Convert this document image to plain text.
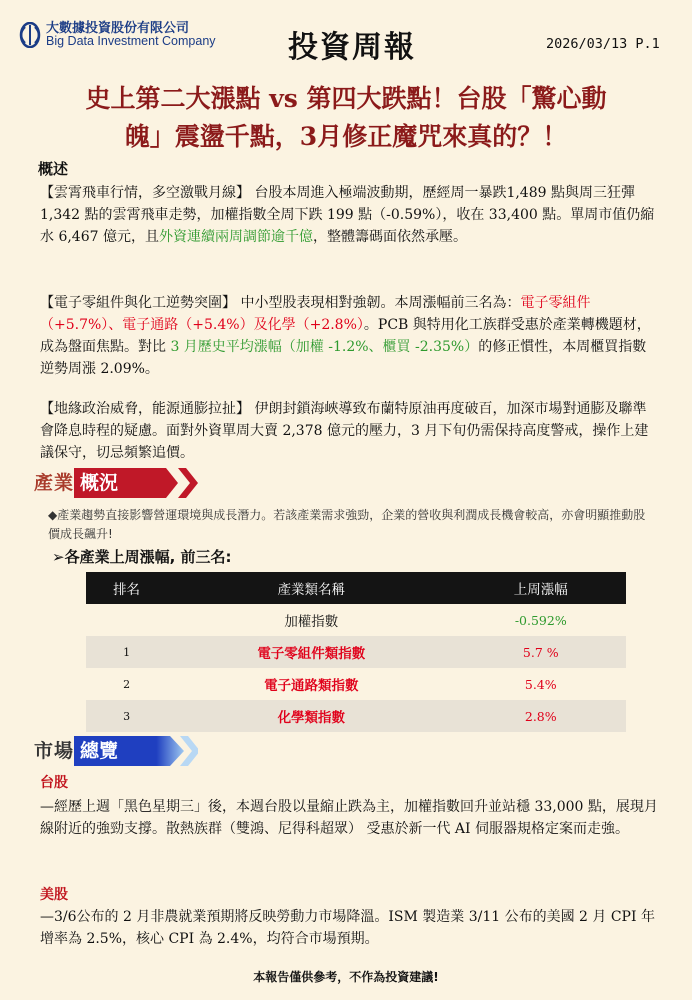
大數據投資股份有限公司
Big Data Investment Company 投資周報	2026/03/13 P.1
史上第二大漲點 vs 第四大跌點！台股「驚心動
魄」震盪千點，3月修正魔咒來真的？！
概述

【雲霄飛車行情，多空激戰月線】 台股本周進入極端波動期，歷經周一暴跌1,489 點與周三狂彈 1,342 點的雲霄飛車走勢，加權指數全周下跌 199 點（-0.59%），收在 33,400 點。單周市值仍縮水 6,467 億元，且外資連續兩周調節逾千億，整體籌碼面依然承壓。

【電子零組件與化工逆勢突圍】 中小型股表現相對強韌。本周漲幅前三名為：電子零組件（+5.7%）、電子通路（+5.4%）及化學（+2.8%）。PCB 與特用化工族群受惠於產業轉機題材，成為盤面焦點。對比 3 月歷史平均漲幅（加權 -1.2%、櫃買 -2.35%）的修正慣性，本周櫃買指數逆勢周漲 2.09%。

【地緣政治威脅，能源通膨拉扯】 伊朗封鎖海峽導致布蘭特原油再度破百，加深市場對通膨及聯準會降息時程的疑慮。面對外資單周大賣 2,378 億元的壓力，3 月下旬仍需保持高度警戒，操作上建議保守，切忌頻繁追價。

產業 概況
◆產業趨勢直接影響營運環境與成長潛力。若該產業需求強勁，企業的營收與利潤成長機會較高，亦會明顯推動股價成長飆升!
➢各產業上周漲幅, 前三名:
排名	產業類名稱	上周漲幅
	加權指數	-0.592%
1	電子零組件類指數	5.7 %
2	電子通路類指數	5.4%
3	化學類指數	2.8%
市場 總覽
台股

—經歷上週「黑色星期三」後，本週台股以量縮止跌為主，加權指數回升並站穩 33,000 點，展現月線附近的強勁支撐。散熱族群（雙鴻、尼得科超眾） 受惠於新一代 AI 伺服器規格定案而走強。

美股

—3/6公布的 2 月非農就業預期將反映勞動力市場降溫。ISM 製造業 3/11 公布的美國 2 月 CPI 年增率為 2.5%，核心 CPI 為 2.4%，均符合市場預期。

本報告僅供參考，不作為投資建議!
